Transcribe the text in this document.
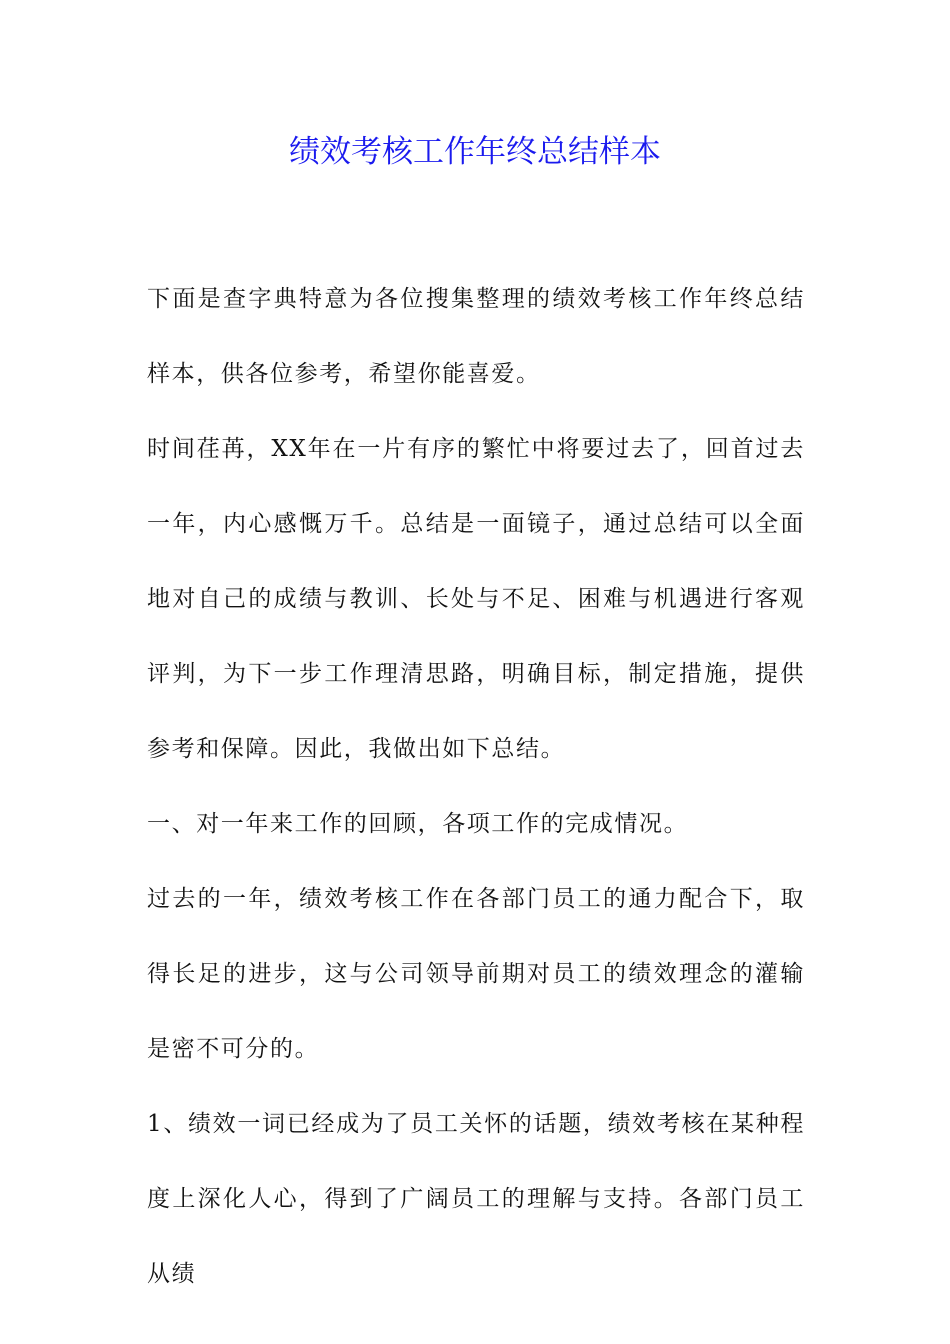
绩效考核工作年终总结样本

下面是查字典特意为各位搜集整理的绩效考核工作年终总结样本，供各位参考，希望你能喜爱。

时间荏苒，XX年在一片有序的繁忙中将要过去了，回首过去一年，内心感慨万千。总结是一面镜子，通过总结可以全面地对自己的成绩与教训、长处与不足、困难与机遇进行客观评判，为下一步工作理清思路，明确目标，制定措施，提供参考和保障。因此，我做出如下总结。

一、对一年来工作的回顾，各项工作的完成情况。

过去的一年，绩效考核工作在各部门员工的通力配合下，取得长足的进步，这与公司领导前期对员工的绩效理念的灌输是密不可分的。

1、绩效一词已经成为了员工关怀的话题，绩效考核在某种程度上深化人心，得到了广阔员工的理解与支持。各部门员工从绩
